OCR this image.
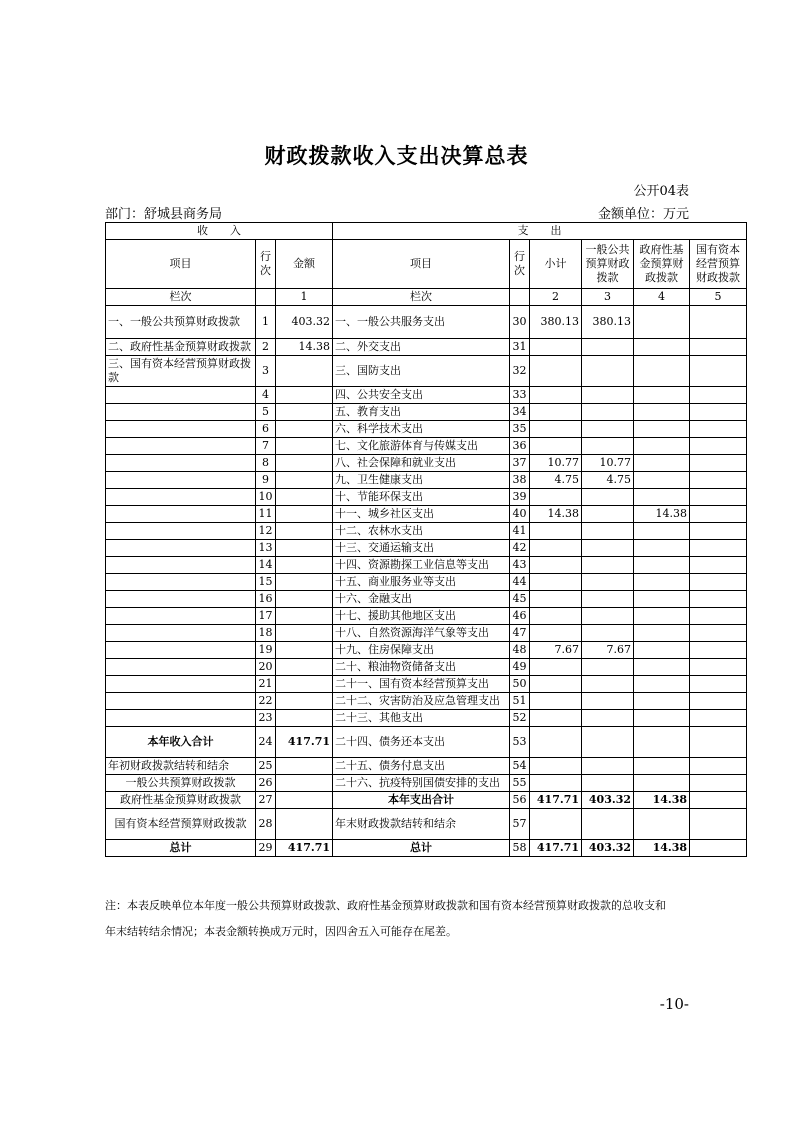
财政拨款收入支出决算总表
公开04表
部门：舒城县商务局	金额单位：万元
收　　入			支　　出					
项目	行次	金额	项目	行次	小计	一般公共预算财政拨款	政府性基金预算财政拨款	国有资本经营预算财政拨款
栏次		1	栏次		2	3	4	5
一、一般公共预算财政拨款	1	403.32	一、一般公共服务支出	30	380.13	380.13		
二、政府性基金预算财政拨款	2	14.38	二、外交支出	31				
三、国有资本经营预算财政拨款	3		三、国防支出	32				
	4		四、公共安全支出	33				
	5		五、教育支出	34				
	6		六、科学技术支出	35				
	7		七、文化旅游体育与传媒支出	36				
	8		八、社会保障和就业支出	37	10.77	10.77		
	9		九、卫生健康支出	38	4.75	4.75		
	10		十、节能环保支出	39				
	11		十一、城乡社区支出	40	14.38		14.38	
	12		十二、农林水支出	41				
	13		十三、交通运输支出	42				
	14		十四、资源勘探工业信息等支出	43				
	15		十五、商业服务业等支出	44				
	16		十六、金融支出	45				
	17		十七、援助其他地区支出	46				
	18		十八、自然资源海洋气象等支出	47				
	19		十九、住房保障支出	48	7.67	7.67		
	20		二十、粮油物资储备支出	49				
	21		二十一、国有资本经营预算支出	50				
	22		二十二、灾害防治及应急管理支出	51				
	23		二十三、其他支出	52				
本年收入合计	24	417.71	二十四、债务还本支出	53				
年初财政拨款结转和结余	25		二十五、债务付息支出	54				
一般公共预算财政拨款	26		二十六、抗疫特别国债安排的支出	55				
政府性基金预算财政拨款	27		本年支出合计	56	417.71	403.32	14.38	
国有资本经营预算财政拨款	28		年末财政拨款结转和结余	57				
总计	29	417.71	总计	58	417.71	403.32	14.38	
注：本表反映单位本年度一般公共预算财政拨款、政府性基金预算财政拨款和国有资本经营预算财政拨款的总收支和
年末结转结余情况；本表金额转换成万元时，因四舍五入可能存在尾差。
-10-
